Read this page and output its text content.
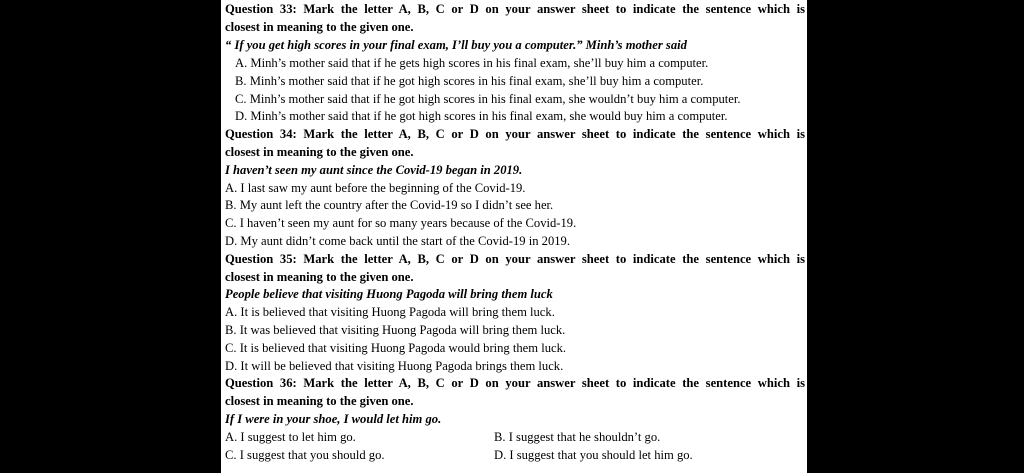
Question 33: Mark the letter A, B, C or D on your answer sheet to indicate the sentence which is
closest in meaning to the given one.
“ If you get high scores in your final exam, I’ll buy you a computer.” Minh’s mother said
A. Minh’s mother said that if he gets high scores in his final exam, she’ll buy him a computer.
B. Minh’s mother said that if he got high scores in his final exam, she’ll buy him a computer.
C. Minh’s mother said that if he got high scores in his final exam, she wouldn’t buy him a computer.
D. Minh’s mother said that if he got high scores in his final exam, she would buy him a computer.
Question 34: Mark the letter A, B, C or D on your answer sheet to indicate the sentence which is
closest in meaning to the given one.
I haven’t seen my aunt since the Covid-19 began in 2019.
A. I last saw my aunt before the beginning of the Covid-19.
B. My aunt left the country after the Covid-19 so I didn’t see her.
C. I haven’t seen my aunt for so many years because of the Covid-19.
D. My aunt didn’t come back until the start of the Covid-19 in 2019.
Question 35: Mark the letter A, B, C or D on your answer sheet to indicate the sentence which is
closest in meaning to the given one.
People believe that visiting Huong Pagoda will bring them luck
A. It is believed that visiting Huong Pagoda will bring them luck.
B. It was believed that visiting Huong Pagoda will bring them luck.
C. It is believed that visiting Huong Pagoda would bring them luck.
D. It will be believed that visiting Huong Pagoda brings them luck.
Question 36: Mark the letter A, B, C or D on your answer sheet to indicate the sentence which is
closest in meaning to the given one.
If I were in your shoe, I would let him go.
A. I suggest to let him go.	B. I suggest that he shouldn’t go.
C. I suggest that you should go.	D. I suggest that you should let him go.
